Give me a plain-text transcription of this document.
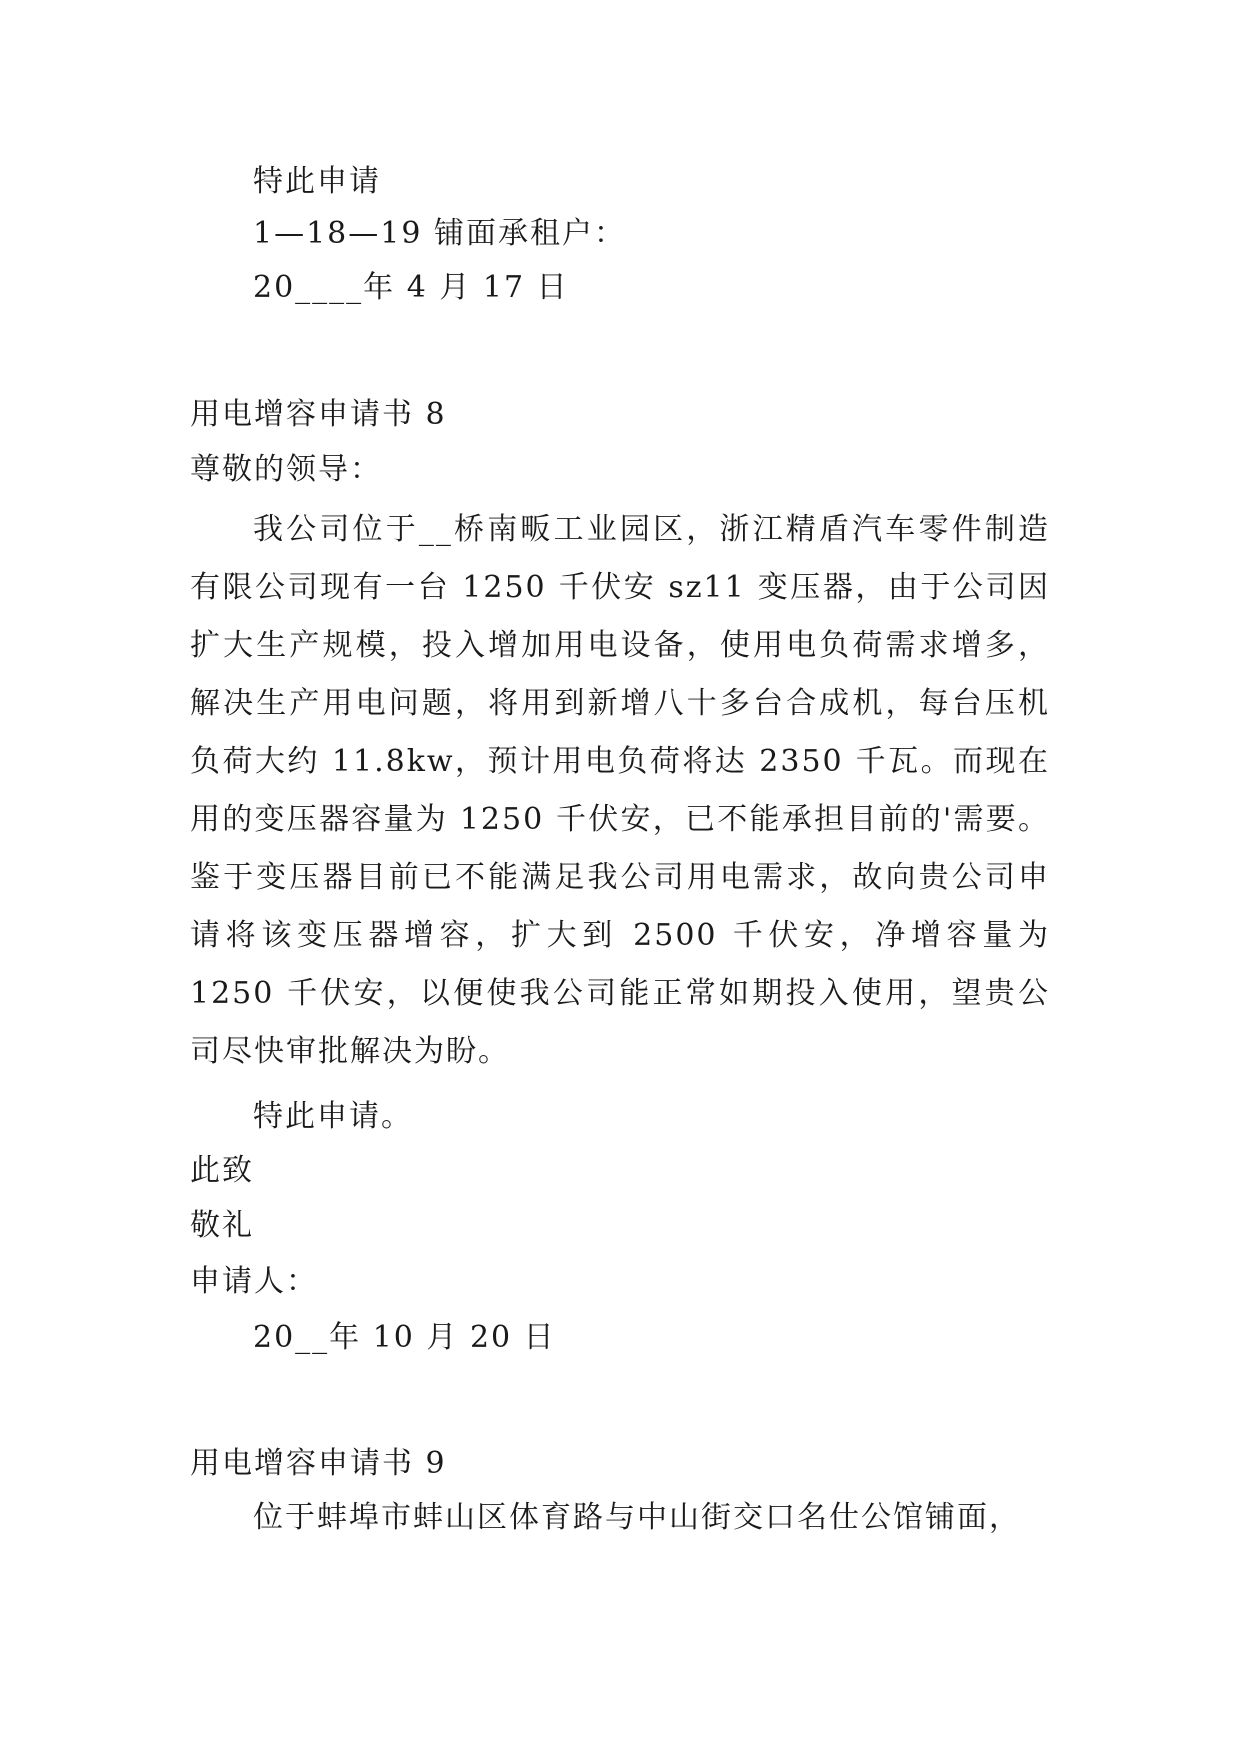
特此申请
1—18—19 铺面承租户：
20____年 4 月 17 日
用电增容申请书 8
尊敬的领导：
我公司位于__桥南畈工业园区，浙江精盾汽车零件制造有限公司现有一台 1250 千伏安 sz11 变压器，由于公司因扩大生产规模，投入增加用电设备，使用电负荷需求增多，解决生产用电问题，将用到新增八十多台合成机，每台压机负荷大约 11.8kw，预计用电负荷将达 2350 千瓦。而现在用的变压器容量为 1250 千伏安，已不能承担目前的'需要。鉴于变压器目前已不能满足我公司用电需求，故向贵公司申请将该变压器增容，扩大到 2500 千伏安，净增容量为 1250 千伏安，以便使我公司能正常如期投入使用，望贵公司尽快审批解决为盼。
特此申请。
此致
敬礼
申请人：
20__年 10 月 20 日
用电增容申请书 9
位于蚌埠市蚌山区体育路与中山街交口名仕公馆铺面，
